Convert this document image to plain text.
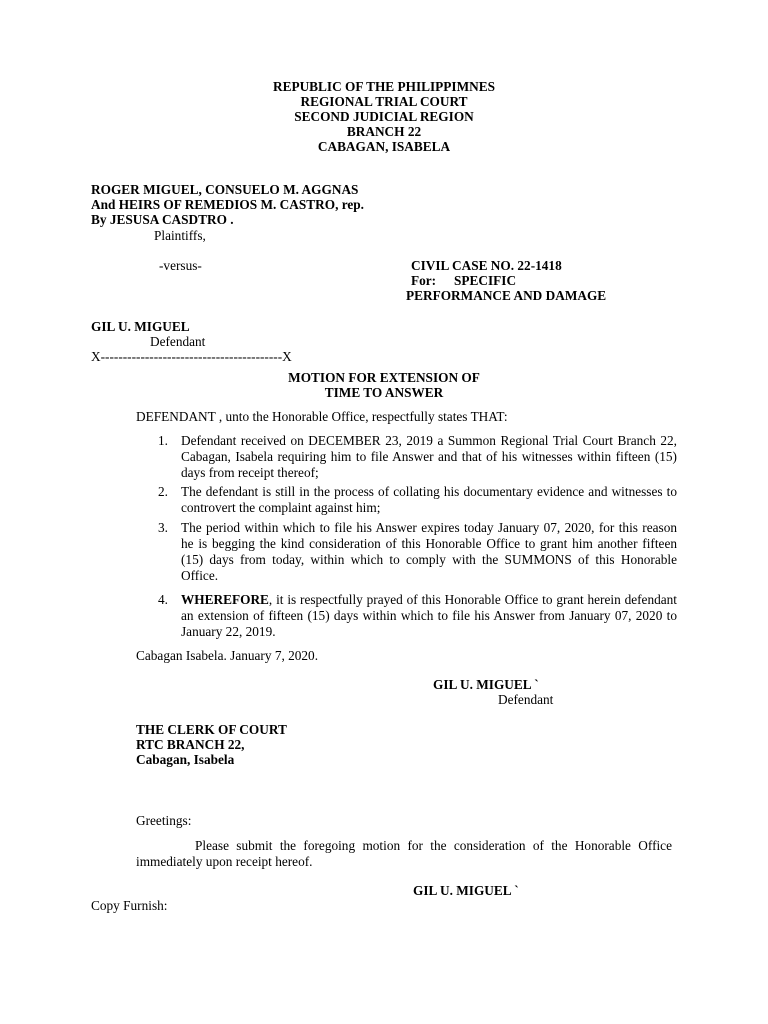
REPUBLIC OF THE PHILIPPIMNES
REGIONAL TRIAL COURT
SECOND JUDICIAL REGION
BRANCH 22
CABAGAN, ISABELA
ROGER MIGUEL, CONSUELO M. AGGNAS
And HEIRS OF REMEDIOS M. CASTRO, rep.
By JESUSA CASDTRO .
Plaintiffs,
-versus-	CIVIL CASE NO. 22-1418
For: SPECIFIC
PERFORMANCE AND DAMAGE
GIL U. MIGUEL
Defendant
X-----------------------------------------X
MOTION FOR EXTENSION OF
TIME TO ANSWER
DEFENDANT , unto the Honorable Office, respectfully states THAT:
1. Defendant received on DECEMBER 23, 2019 a Summon Regional Trial Court Branch 22, Cabagan, Isabela requiring him to file Answer and that of his witnesses within fifteen (15) days from receipt thereof;
2. The defendant is still in the process of collating his documentary evidence and witnesses to controvert the complaint against him;
3. The period within which to file his Answer expires today January 07, 2020, for this reason he is begging the kind consideration of this Honorable Office to grant him another fifteen (15) days from today, within which to comply with the SUMMONS of this Honorable Office.
4. WHEREFORE, it is respectfully prayed of this Honorable Office to grant herein defendant an extension of fifteen (15) days within which to file his Answer from January 07, 2020 to January 22, 2019.
Cabagan Isabela. January 7, 2020.
GIL U. MIGUEL `
Defendant
THE CLERK OF COURT
RTC BRANCH 22,
Cabagan, Isabela
Greetings:
Please submit the foregoing motion for the consideration of the Honorable Office immediately upon receipt hereof.
GIL U. MIGUEL `
Copy Furnish:
